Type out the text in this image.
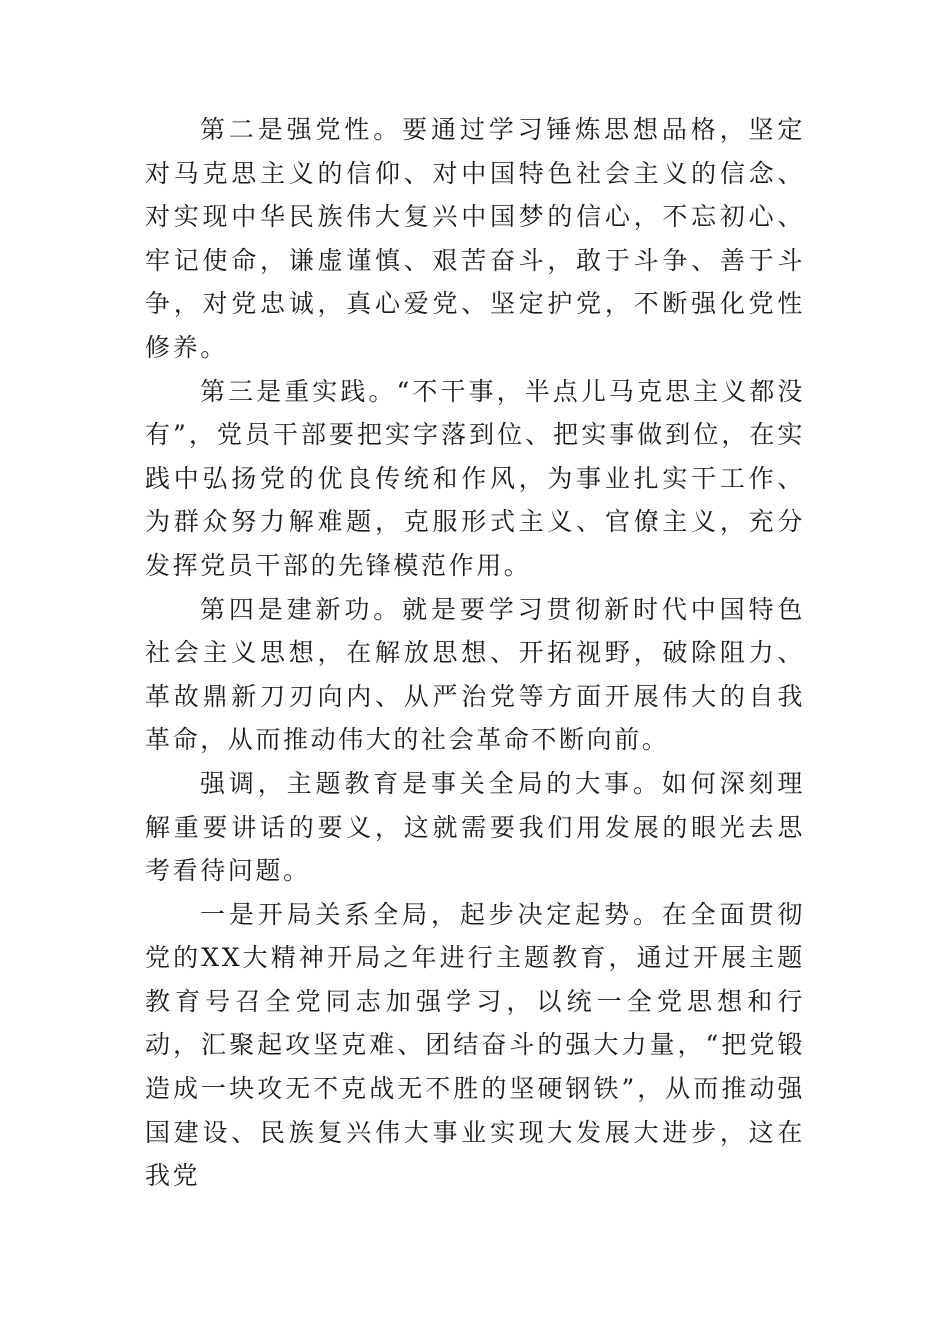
第二是强党性。要通过学习锤炼思想品格，坚定对马克思主义的信仰、对中国特色社会主义的信念、对实现中华民族伟大复兴中国梦的信心，不忘初心、牢记使命，谦虚谨慎、艰苦奋斗，敢于斗争、善于斗争，对党忠诚，真心爱党、坚定护党，不断强化党性修养。

第三是重实践。“不干事，半点儿马克思主义都没有”，党员干部要把实字落到位、把实事做到位，在实践中弘扬党的优良传统和作风，为事业扎实干工作、为群众努力解难题，克服形式主义、官僚主义，充分发挥党员干部的先锋模范作用。

第四是建新功。就是要学习贯彻新时代中国特色社会主义思想，在解放思想、开拓视野，破除阻力、革故鼎新刀刃向内、从严治党等方面开展伟大的自我革命，从而推动伟大的社会革命不断向前。

强调，主题教育是事关全局的大事。如何深刻理解重要讲话的要义，这就需要我们用发展的眼光去思考看待问题。

一是开局关系全局，起步决定起势。在全面贯彻党的XX大精神开局之年进行主题教育，通过开展主题教育号召全党同志加强学习，以统一全党思想和行动，汇聚起攻坚克难、团结奋斗的强大力量，“把党锻造成一块攻无不克战无不胜的坚硬钢铁”，从而推动强国建设、民族复兴伟大事业实现大发展大进步，这在我党
